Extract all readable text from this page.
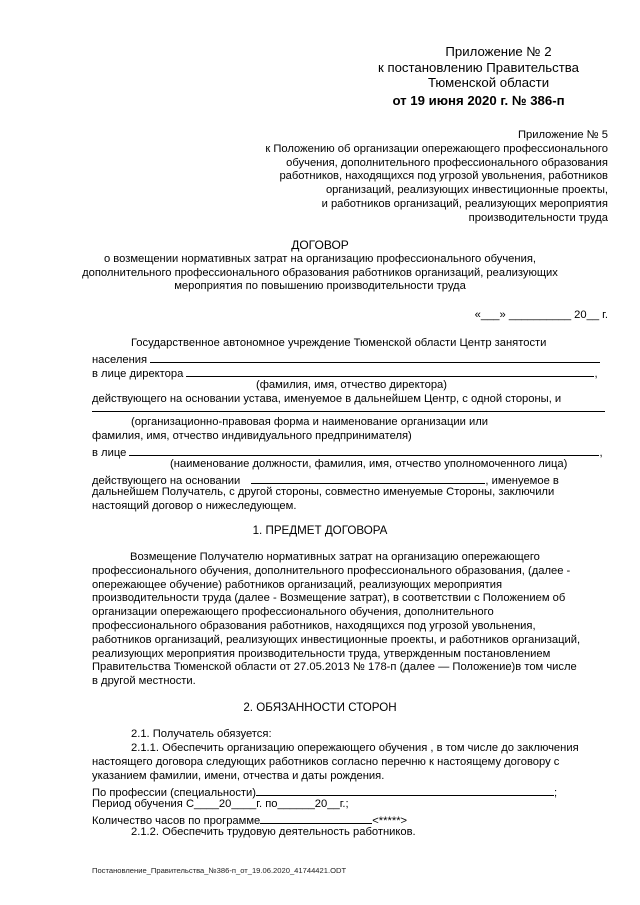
Приложение № 2
к постановлению Правительства
Тюменской области
от 19 июня 2020 г. № 386-п
Приложение № 5
к Положению об организации опережающего профессионального
обучения, дополнительного профессионального образования
работников, находящихся под угрозой увольнения, работников
организаций, реализующих инвестиционные проекты,
и работников организаций, реализующих мероприятия
производительности труда
ДОГОВОР
о возмещении нормативных затрат на организацию профессионального обучения,
дополнительного профессионального образования работников организаций, реализующих
мероприятия по повышению производительности труда
«___» __________ 20__ г.
Государственное автономное учреждение Тюменской области Центр занятости
населения
в лице директора	,
(фамилия, имя, отчество директора)
действующего на основании устава, именуемое в дальнейшем Центр, с одной стороны, и
(организационно-правовая форма и наименование организации или
фамилия, имя, отчество индивидуального предпринимателя)
в лице	,
(наименование должности, фамилия, имя, отчество уполномоченного лица)
действующего на основании	, именуемое в
дальнейшем Получатель, с другой стороны, совместно именуемые Стороны, заключили
настоящий договор о нижеследующем.
1. ПРЕДМЕТ ДОГОВОРА
Возмещение Получателю нормативных затрат на организацию опережающего
профессионального обучения, дополнительного профессионального образования, (далее -
опережающее обучение) работников организаций, реализующих мероприятия
производительности труда (далее - Возмещение затрат), в соответствии с Положением об
организации опережающего профессионального обучения, дополнительного
профессионального образования работников, находящихся под угрозой увольнения,
работников организаций, реализующих инвестиционные проекты, и работников организаций,
реализующих мероприятия производительности труда, утвержденным постановлением
Правительства Тюменской области от 27.05.2013 № 178-п (далее — Положение)в том числе
в другой местности.
2. ОБЯЗАННОСТИ СТОРОН
2.1. Получатель обязуется:
2.1.1. Обеспечить организацию опережающего обучения , в том числе до заключения
настоящего договора следующих работников согласно перечню к настоящему договору с
указанием фамилии, имени, отчества и даты рождения.
По профессии (специальности)	;
Период обучения С____20____г. по______20__г.;
Количество часов по программе	<*****>
2.1.2. Обеспечить трудовую деятельность работников.
Постановление_Правительства_№386-п_от_19.06.2020_41744421.ODT
